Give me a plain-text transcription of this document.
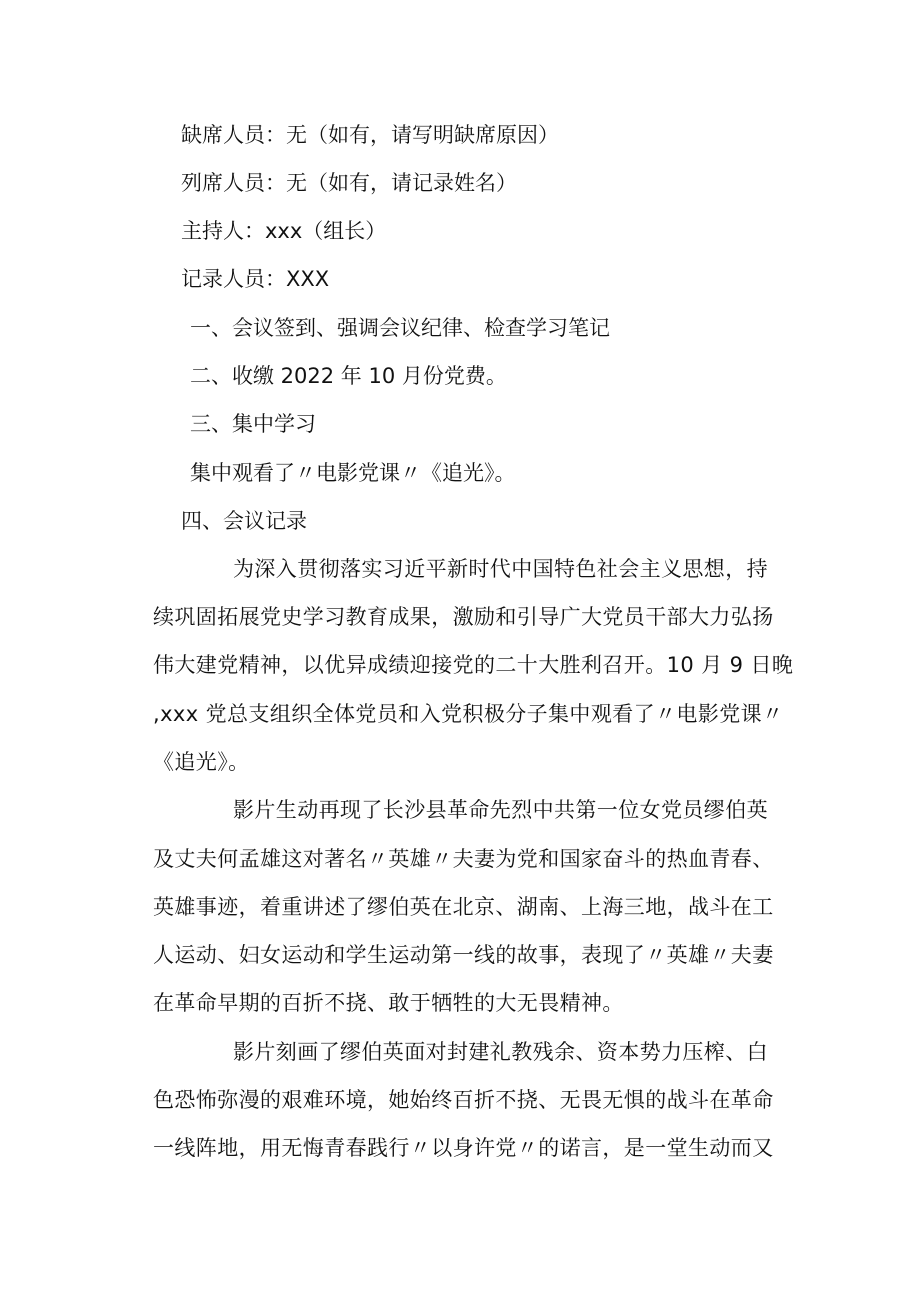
缺席人员：无（如有，请写明缺席原因）
列席人员：无（如有，请记录姓名）
主持人：xxx（组长）
记录人员：XXX
一、会议签到、强调会议纪律、检查学习笔记
二、收缴 2022 年 10 月份党费。
三、集中学习
集中观看了〃电影党课〃《追光》。
四、会议记录
为深入贯彻落实习近平新时代中国特色社会主义思想，持
续巩固拓展党史学习教育成果，激励和引导广大党员干部大力弘扬
伟大建党精神，以优异成绩迎接党的二十大胜利召开。10 月 9 日晚
,xxx 党总支组织全体党员和入党积极分子集中观看了〃电影党课〃
《追光》。
影片生动再现了长沙县革命先烈中共第一位女党员缪伯英
及丈夫何孟雄这对著名〃英雄〃夫妻为党和国家奋斗的热血青春、
英雄事迹，着重讲述了缪伯英在北京、湖南、上海三地，战斗在工
人运动、妇女运动和学生运动第一线的故事，表现了〃英雄〃夫妻
在革命早期的百折不挠、敢于牺牲的大无畏精神。
影片刻画了缪伯英面对封建礼教残余、资本势力压榨、白
色恐怖弥漫的艰难环境，她始终百折不挠、无畏无惧的战斗在革命
一线阵地，用无悔青春践行〃以身许党〃的诺言，是一堂生动而又
